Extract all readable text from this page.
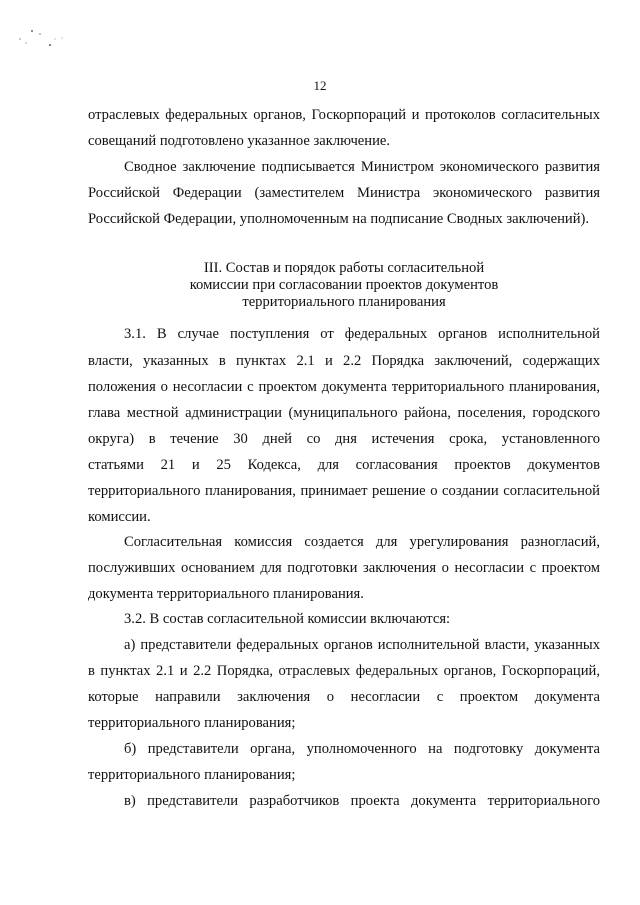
12
отраслевых федеральных органов, Госкорпораций и протоколов согласительных
совещаний подготовлено указанное заключение.
Сводное заключение подписывается Министром экономического развития
Российской Федерации (заместителем Министра экономического развития
Российской Федерации, уполномоченным на подписание Сводных заключений).
III. Состав и порядок работы согласительной
комиссии при согласовании проектов документов
территориального планирования
3.1. В случае поступления от федеральных органов исполнительной
власти, указанных в пунктах 2.1 и 2.2 Порядка заключений, содержащих
положения о несогласии с проектом документа территориального планирования,
глава местной администрации (муниципального района, поселения, городского
округа) в течение 30 дней со дня истечения срока, установленного
статьями 21 и 25 Кодекса, для согласования проектов документов
территориального планирования, принимает решение о создании согласительной
комиссии.
Согласительная комиссия создается для урегулирования разногласий,
послуживших основанием для подготовки заключения о несогласии с проектом
документа территориального планирования.
3.2. В состав согласительной комиссии включаются:
а) представители федеральных органов исполнительной власти, указанных
в пунктах 2.1 и 2.2 Порядка, отраслевых федеральных органов, Госкорпораций,
которые направили заключения о несогласии с проектом документа
территориального планирования;
б) представители органа, уполномоченного на подготовку документа
территориального планирования;
в) представители разработчиков проекта документа территориального
